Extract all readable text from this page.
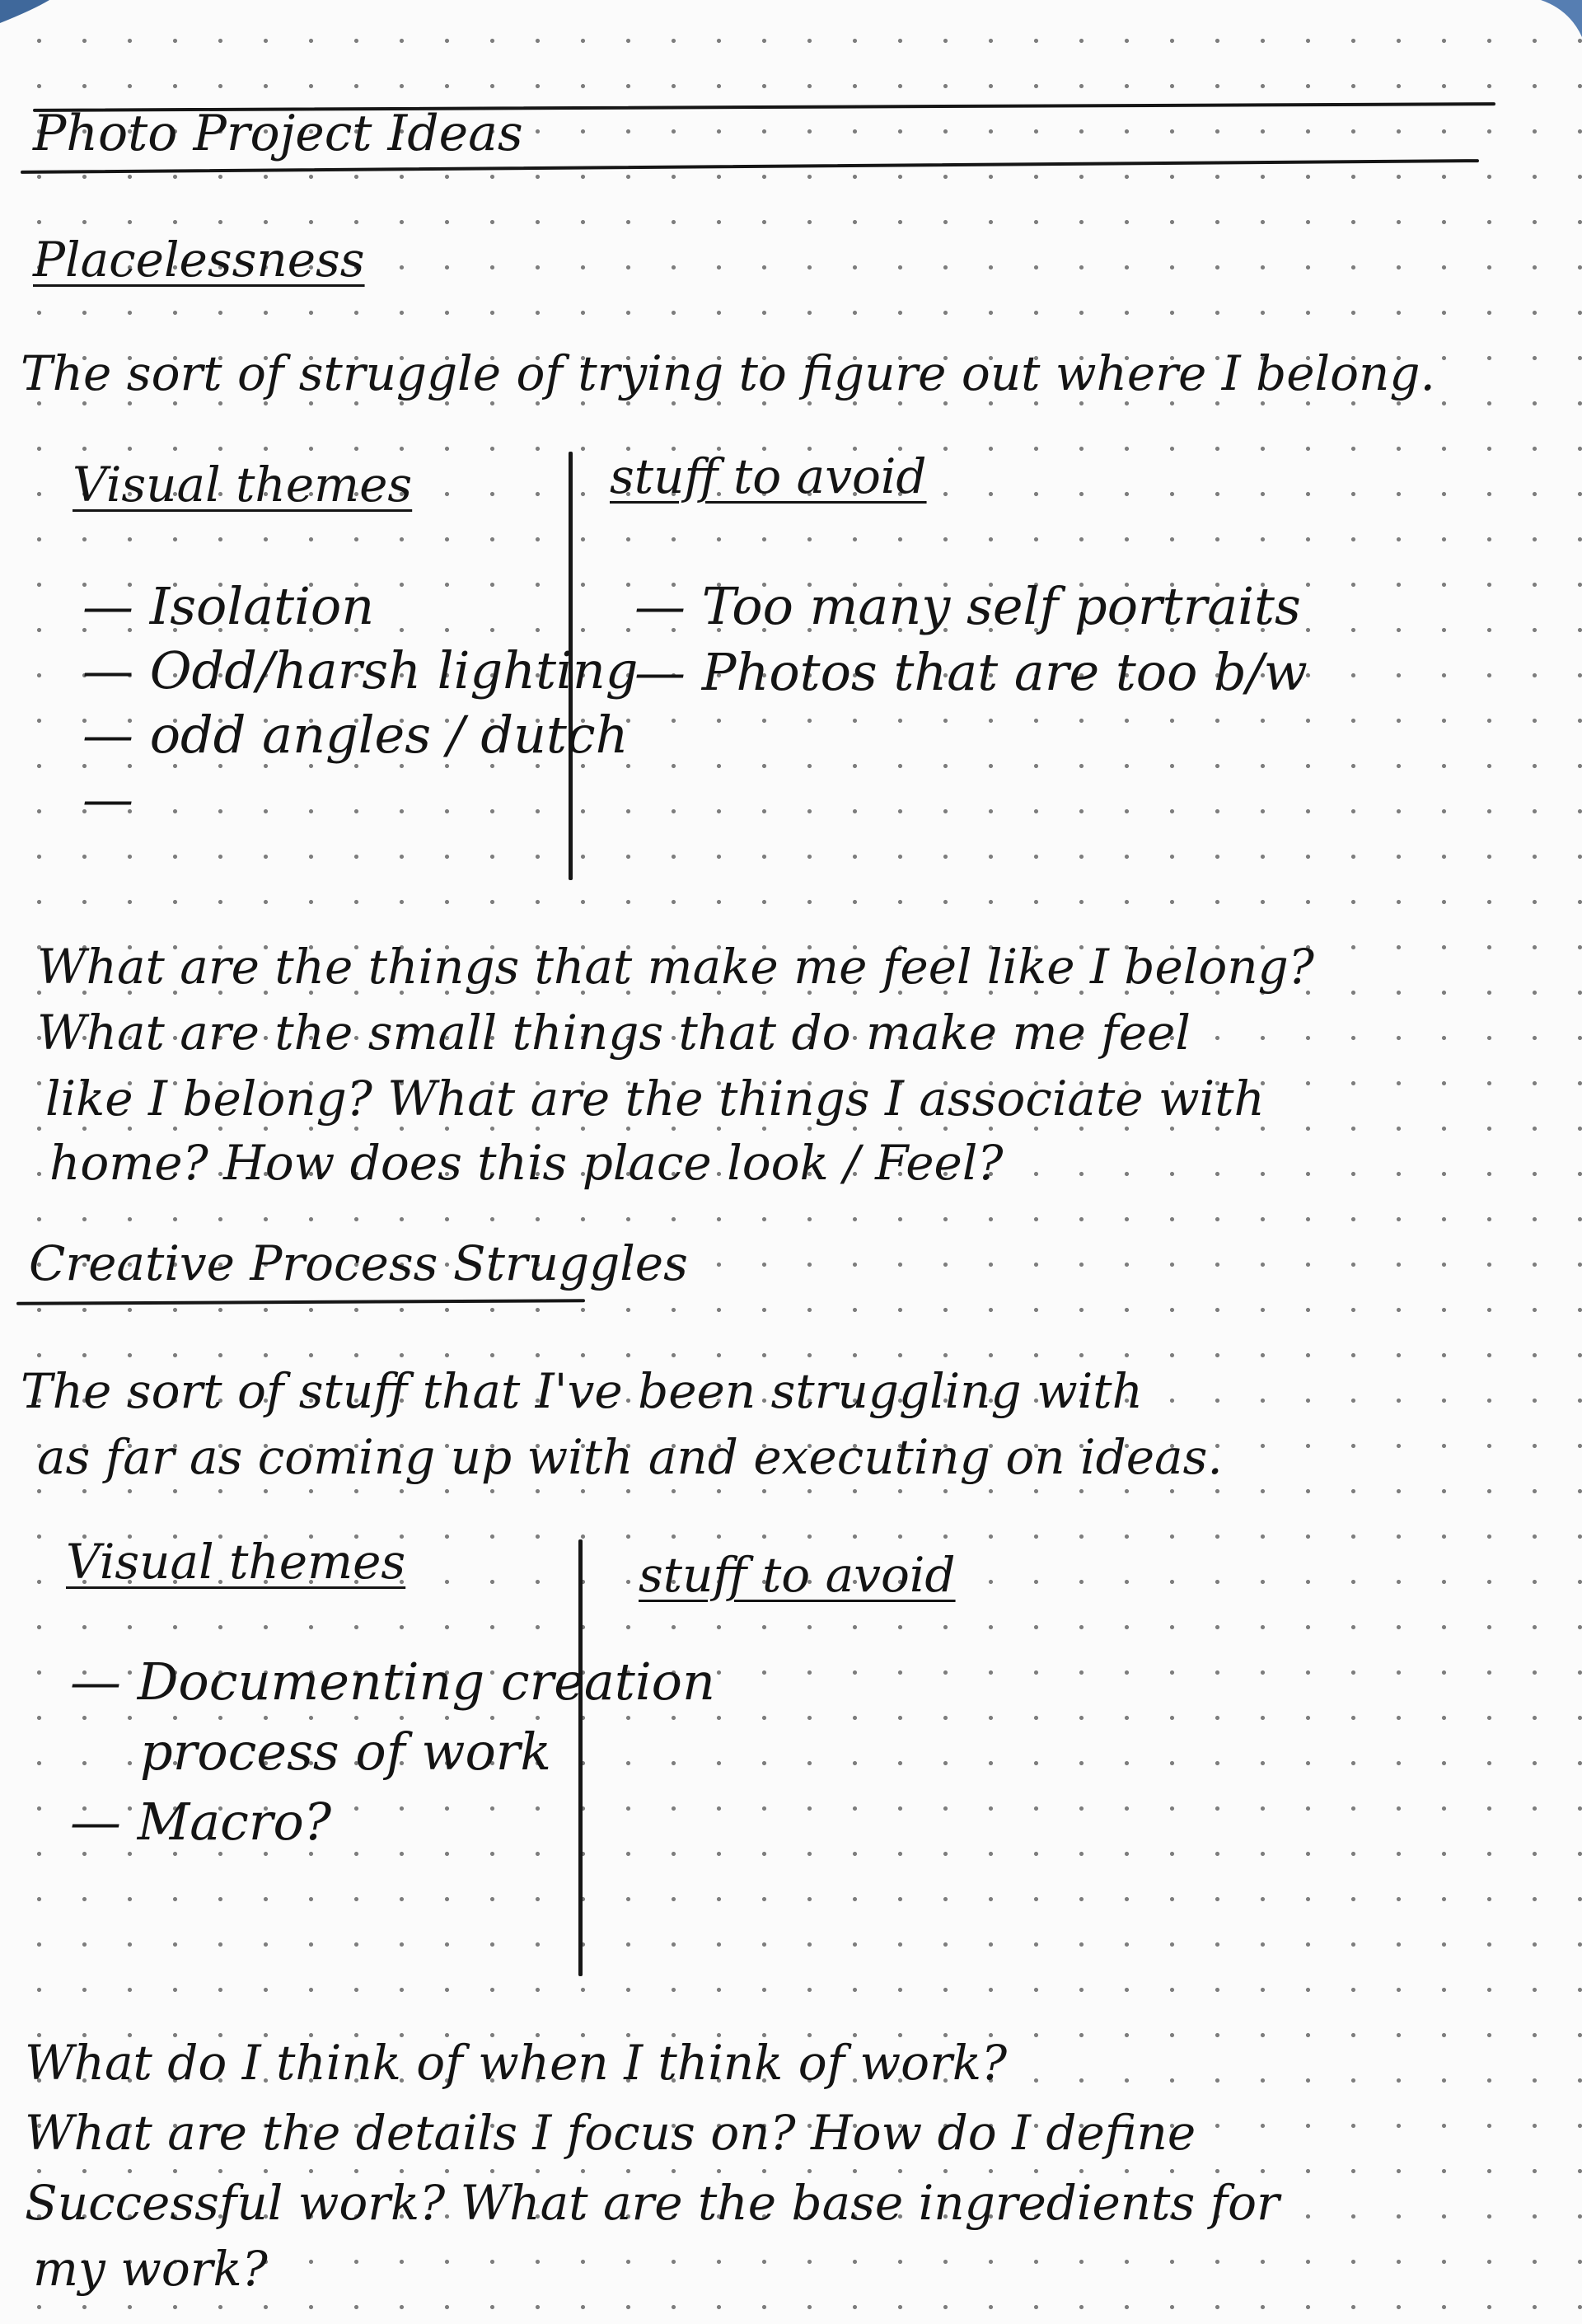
Photo Project Ideas
Placelessness
The sort of struggle of trying to figure out where I belong.
Visual themes	stuff to avoid
— Isolation
— Odd/harsh lighting
— odd angles / dutch
—
— Too many self portraits
— Photos that are too b/w
What are the things that make me feel like I belong?
What are the small things that do make me feel
like I belong? What are the things I associate with
home? How does this place look / Feel?
Creative Process Struggles
The sort of stuff that I've been struggling with
as far as coming up with and executing on ideas.
Visual themes	stuff to avoid
— Documenting creation
process of work
— Macro?
What do I think of when I think of work?
What are the details I focus on? How do I define
Successful work? What are the base ingredients for
my work?
